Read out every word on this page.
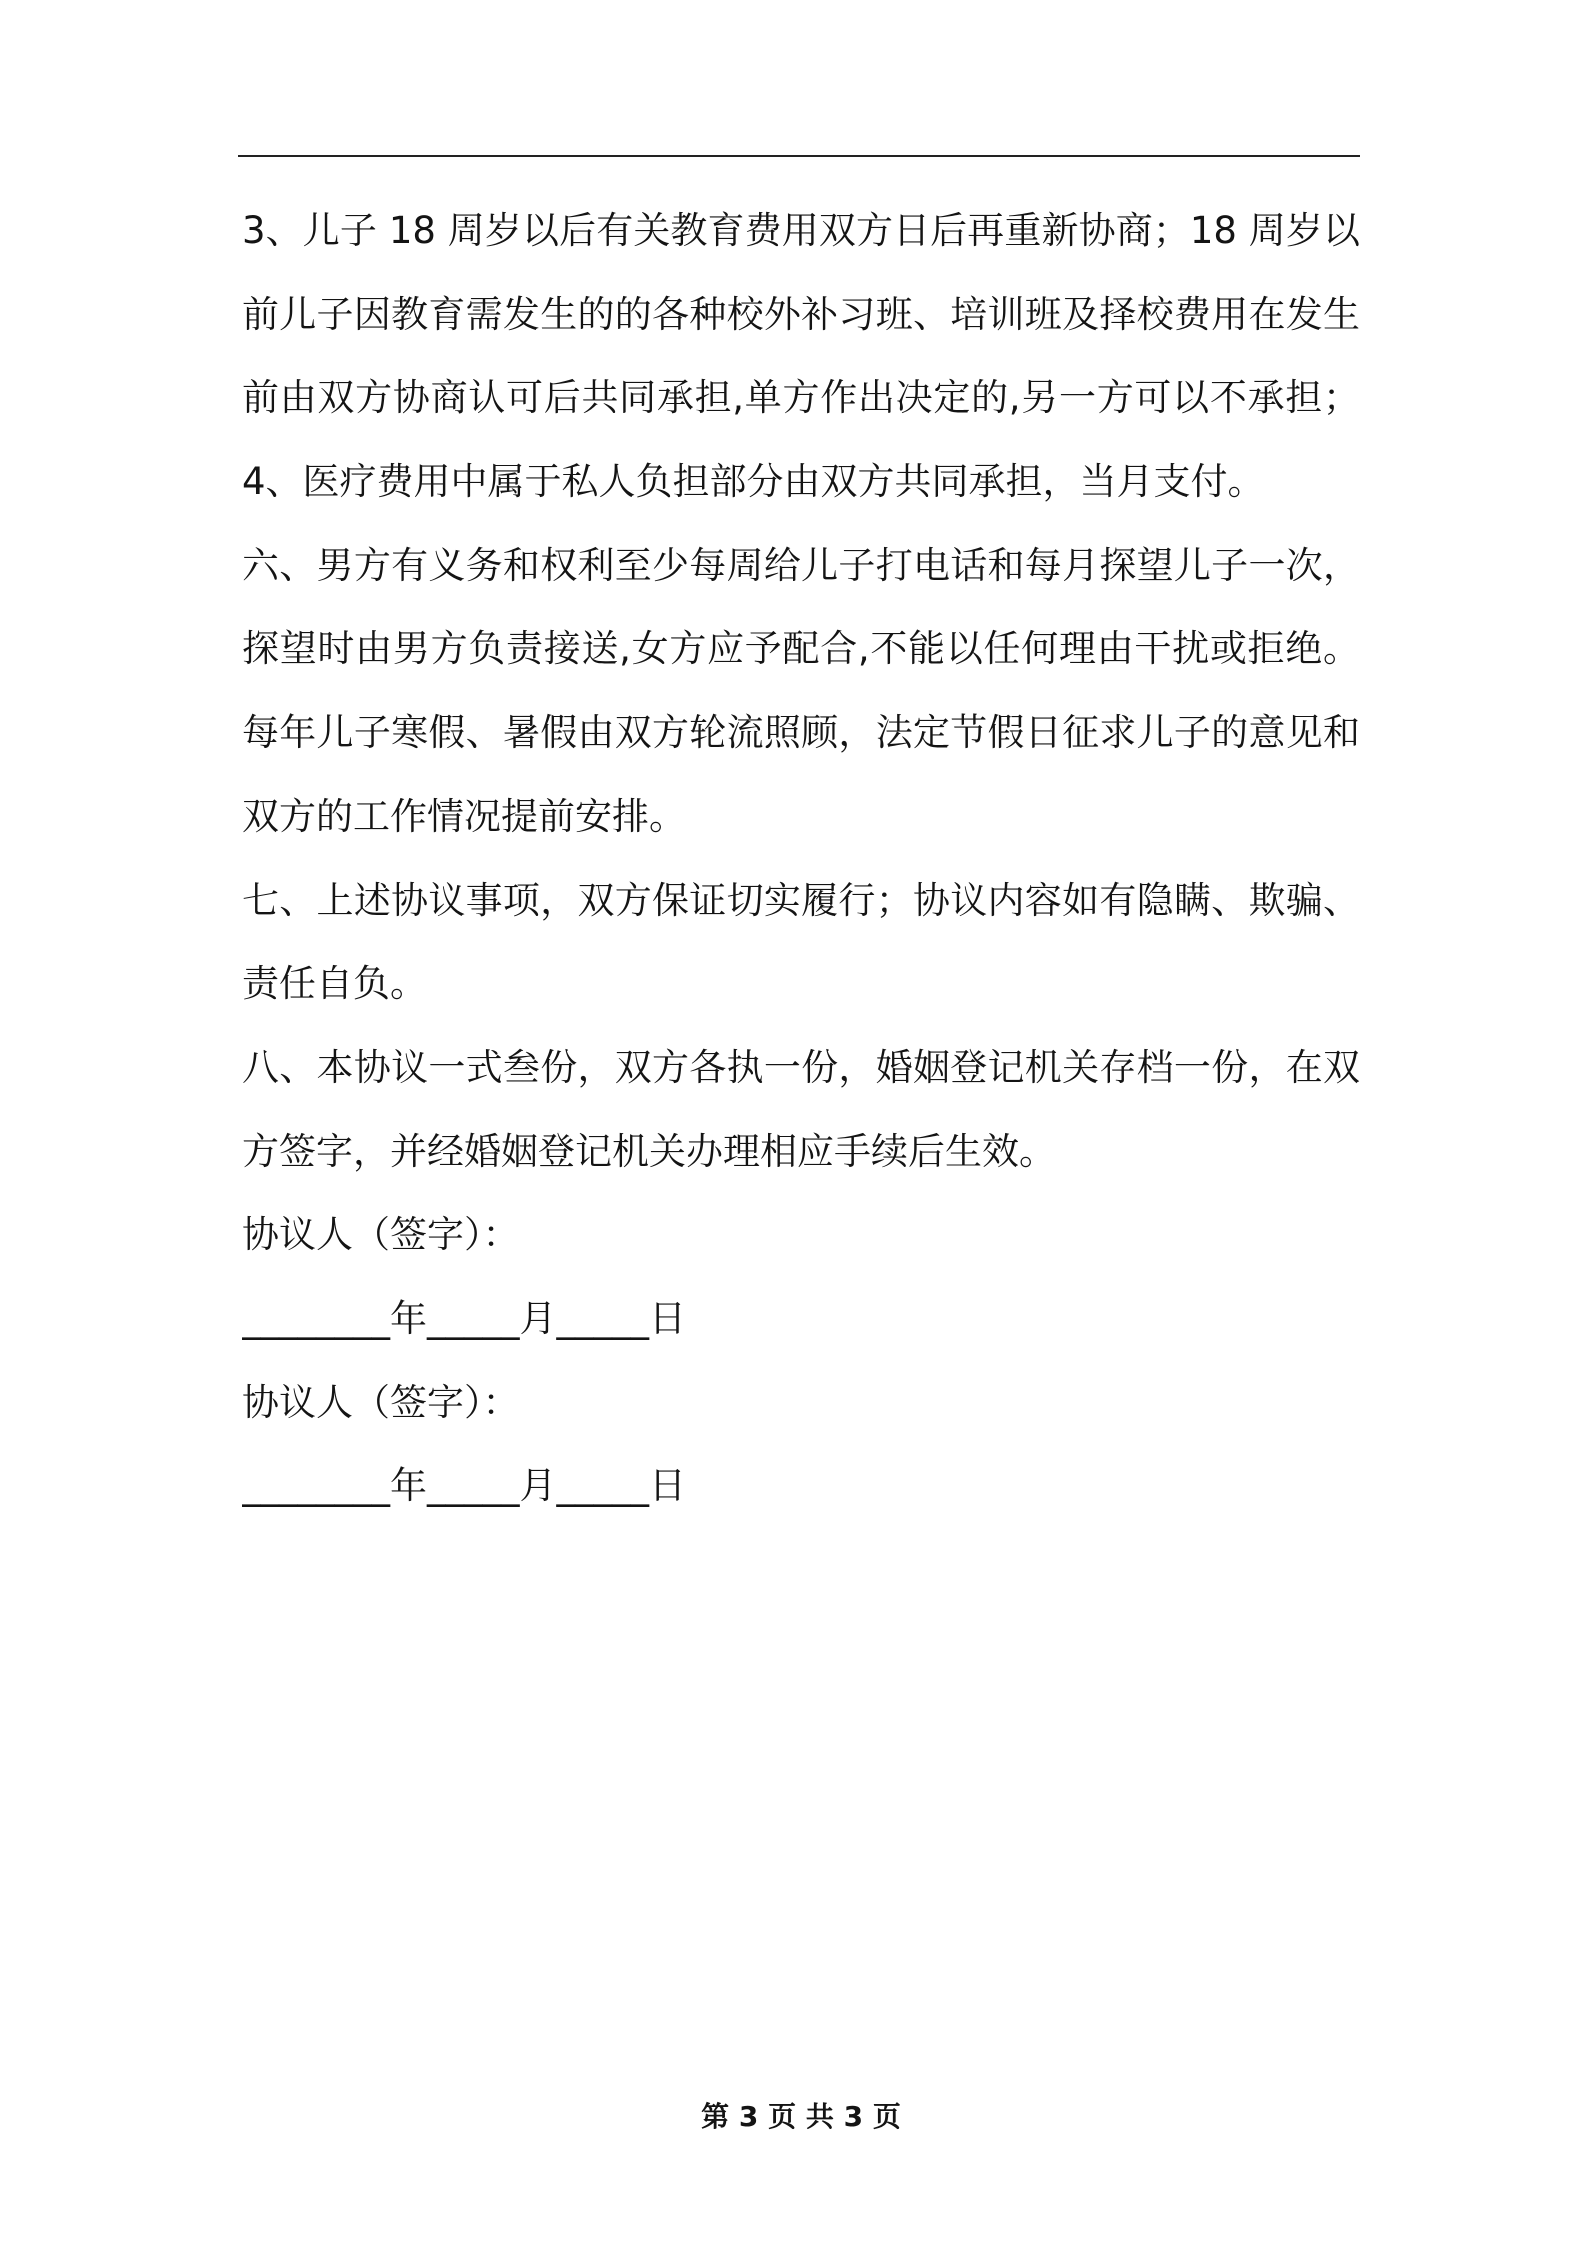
3、儿子 18 周岁以后有关教育费用双方日后再重新协商；18 周岁以
前儿子因教育需发生的的各种校外补习班、培训班及择校费用在发生
前由双方协商认可后共同承担,单方作出决定的,另一方可以不承担；
4、医疗费用中属于私人负担部分由双方共同承担，当月支付。
六、男方有义务和权利至少每周给儿子打电话和每月探望儿子一次，
探望时由男方负责接送,女方应予配合,不能以任何理由干扰或拒绝。
每年儿子寒假、暑假由双方轮流照顾，法定节假日征求儿子的意见和
双方的工作情况提前安排。
七、上述协议事项，双方保证切实履行；协议内容如有隐瞒、欺骗、
责任自负。
八、本协议一式叁份，双方各执一份，婚姻登记机关存档一份，在双
方签字，并经婚姻登记机关办理相应手续后生效。
协议人（签字）：
________年_____月_____日
协议人（签字）：
________年_____月_____日
第 3 页 共 3 页
